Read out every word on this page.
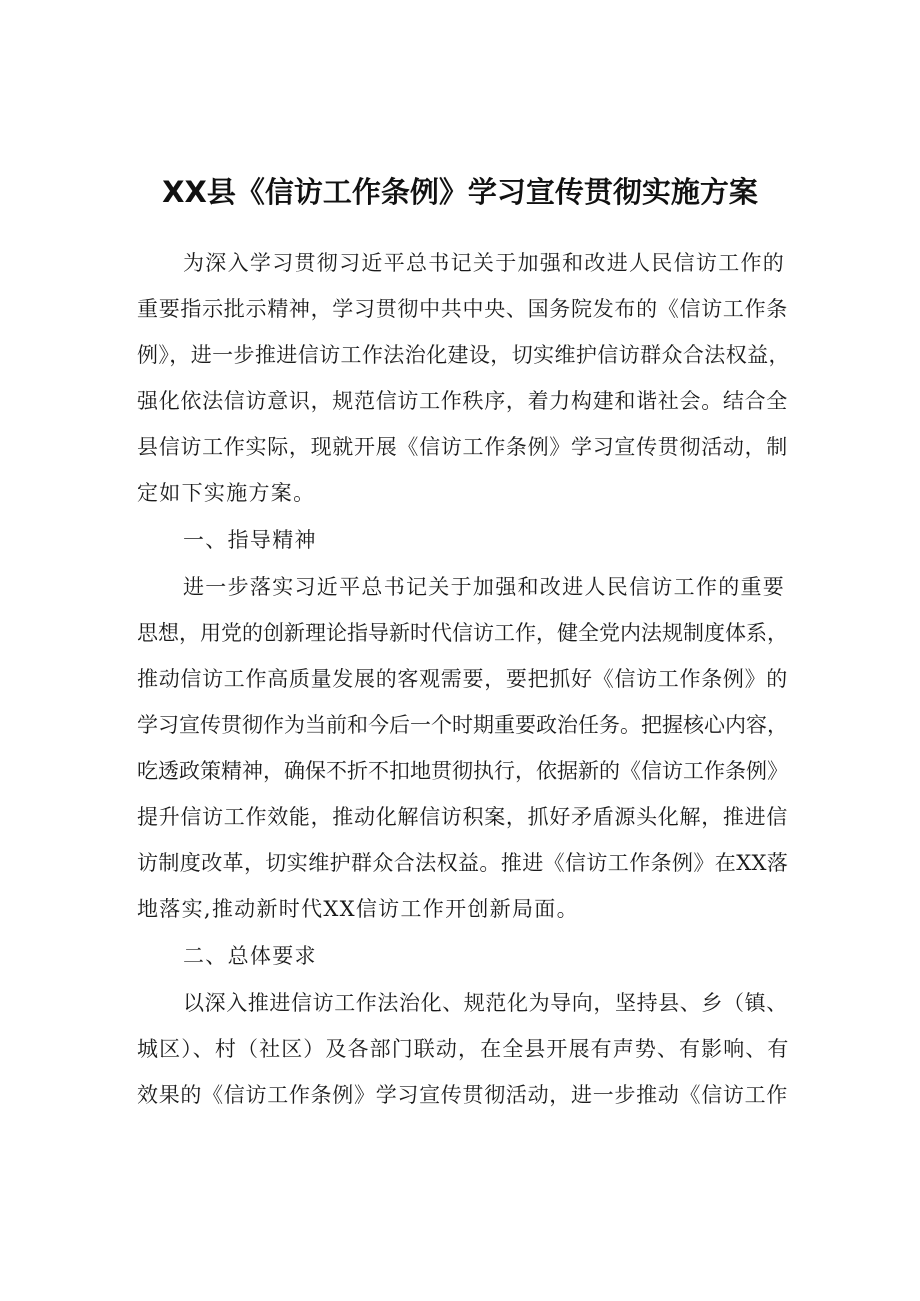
XX县《信访工作条例》学习宣传贯彻实施方案
为深入学习贯彻习近平总书记关于加强和改进人民信访工作的
重要指示批示精神，学习贯彻中共中央、国务院发布的《信访工作条
例》，进一步推进信访工作法治化建设，切实维护信访群众合法权益，
强化依法信访意识，规范信访工作秩序，着力构建和谐社会。结合全
县信访工作实际，现就开展《信访工作条例》学习宣传贯彻活动，制
定如下实施方案。
一、指导精神
进一步落实习近平总书记关于加强和改进人民信访工作的重要
思想，用党的创新理论指导新时代信访工作，健全党内法规制度体系，
推动信访工作高质量发展的客观需要，要把抓好《信访工作条例》的
学习宣传贯彻作为当前和今后一个时期重要政治任务。把握核心内容，
吃透政策精神，确保不折不扣地贯彻执行，依据新的《信访工作条例》
提升信访工作效能，推动化解信访积案，抓好矛盾源头化解，推进信
访制度改革，切实维护群众合法权益。推进《信访工作条例》在XX落
地落实,推动新时代XX信访工作开创新局面。
二、总体要求
以深入推进信访工作法治化、规范化为导向，坚持县、乡（镇、
城区）、村（社区）及各部门联动，在全县开展有声势、有影响、有
效果的《信访工作条例》学习宣传贯彻活动，进一步推动《信访工作
